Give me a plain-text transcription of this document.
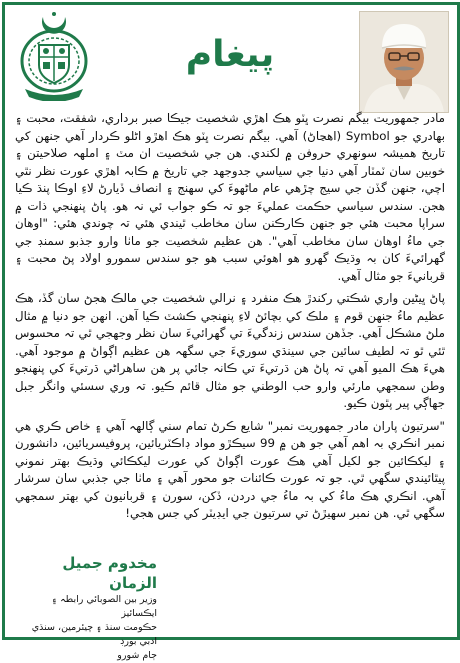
پيغام

مادر جمهوريت بيگم نصرت ڀٽو هڪ اهڙي شخصيت جيڪا صبر برداري، شفقت، محبت ۽ بهادري جو Symbol (اهڃاڻ) آهي. بيگم نصرت ڀٽو هڪ اهڙو اڻلو ڪردار آهي جنهن کي تاريخ هميشہ سونهري حروفن ۾ لکندي. هن جي شخصيت ان مٽ ۽ املهہ صلاحيتن ۽ خوبين سان ٽمٽار آهي دنيا جي سياسي جدوجهد جي تاريخ ۾ ڪابہ اهڙي عورت نظر نٿي اچي، جنهن گڏن جي سيج چڙهي عام ماڻهوءَ کي سهنج ۽ انصاف ڏيارڻ لاءِ اوڪا پنڌ ڪيا هجن. سندس سياسي حڪمت عمليءَ جو تہ ڪو جواب ئي نہ هو. پاڻ پنهنجي ذات ۾ سراپا محبت هئي جو جنهن ڪارڪنن سان مخاطب ٿيندي هئي تہ چوندي هئي: "اوهان جي ماءُ اوهان سان مخاطب آهي". هن عظيم شخصيت جو ماٺا وارو جذبو سمنڊ جي گهرائيءَ کان بہ وڌيڪ گهرو هو اهوئي سبب هو جو سندس سمورو اولاد پڻ محبت ۽ قربانيءَ جو مثال آهي.

پاڻ ڀيڻين واري شڪتي رکندڙ هڪ منفرد ۽ نرالي شخصيت جي مالڪ هجڻ سان گڏ، هڪ عظيم ماءُ جنهن قوم ۽ ملڪ کي بچائڻ لاءِ پنهنجي ڪشٽ ڪيا آهن. انهن جو دنيا ۾ مثال ملڻ مشڪل آهي. جڏهن سندس زندگيءَ تي گهرائيءَ سان نظر وجهجي ٿي تہ محسوس ٿئي ٿو تہ لطيف سائين جي سينڌي سوريءَ جي سگهہ هن عظيم اڳواڻ ۾ موجود آهي. هيءَ هڪ الميو آهي تہ پاڻ هن ڌرتيءَ تي ڪانہ جائي پر هن ساهراڻي ڌرتيءَ کي پنهنجو وطن سمجهي مارئي وارو حب الوطني جو مثال قائم ڪيو. تہ وري سسئي وانگر جبل جهاڳي پير پٿون ڪيو.

"سرتيون پاران مادر جمهوريت نمبر" شايع ڪرڻ تمام سني ڳالهہ آهي ۽ خاص ڪري هي نمبر انڪري بہ اهم آهي جو هن ۾ 99 سيڪڙو مواد ڊاڪٽريائين، پروفيسريائين، دانشورن ۽ ليکڪائين جو لکيل آهي هڪ عورت اڳواڻ کي عورت ليکڪائي وڌيڪ بهتر نموني پيٿائيندي سگهي ٿي. جو تہ عورت ڪائنات جو محور آهي ۽ ماٺا جي جذبي سان سرشار آهي. انڪري هڪ ماءُ کي بہ ماءُ جي دردن، ڏکن، سورن ۽ قربانيون کي بهتر سمجهي سگهي ٿي. هن نمبر سهيڙڻ تي سرتيون جي ايڊيٽر کي جس هجي!

مخدوم جميل الزمان
وزير بين الصوبائي رابطہ ۽ ايڪسائيز
حڪومت سنڌ ۽ چيئرمين، سنڌي ادبي بورڊ
ڄام شورو
